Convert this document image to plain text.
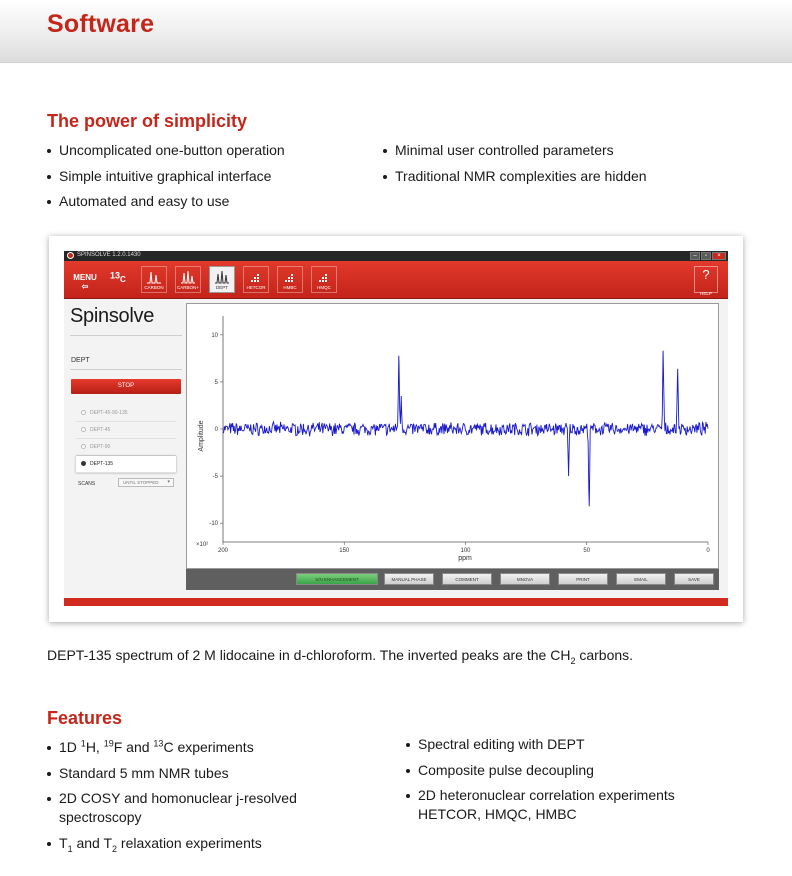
Software
The power of simplicity
Uncomplicated one-button operation
Simple intuitive graphical interface
Automated and easy to use
Minimal user controlled parameters
Traditional NMR complexities are hidden
SPINSOLVE 1.2.0.1430	–	▫	×
MENU
⇦
$^{13}$C
CARBON	CARBON+	DEPT	HETCOR	HMBC	HMQC
?
HELP
Spinsolve
DEPT
STOP
DEPT-45-90-135
DEPT-45
DEPT-90
DEPT-135
SCANS	UNTIL STOPPED ▾
10
5
0
-5
-10
200	150	100	50	0
Amplitude
ppm
×10²
S/N ENHANCEMENT	MANUAL PHASE	COMMENT	MNOVA	PRINT	EMAIL	SAVE
DEPT-135 spectrum of 2 M lidocaine in d-chloroform. The inverted peaks are the $CH_2$ carbons.
Features
1D $^1$H, $^{19}$F and $^{13}$C experiments
Standard 5 mm NMR tubes
2D COSY and homonuclear j-resolved
spectroscopy
$T_1$ and $T_2$ relaxation experiments
Spectral editing with DEPT
Composite pulse decoupling
2D heteronuclear correlation experiments
HETCOR, HMQC, HMBC
